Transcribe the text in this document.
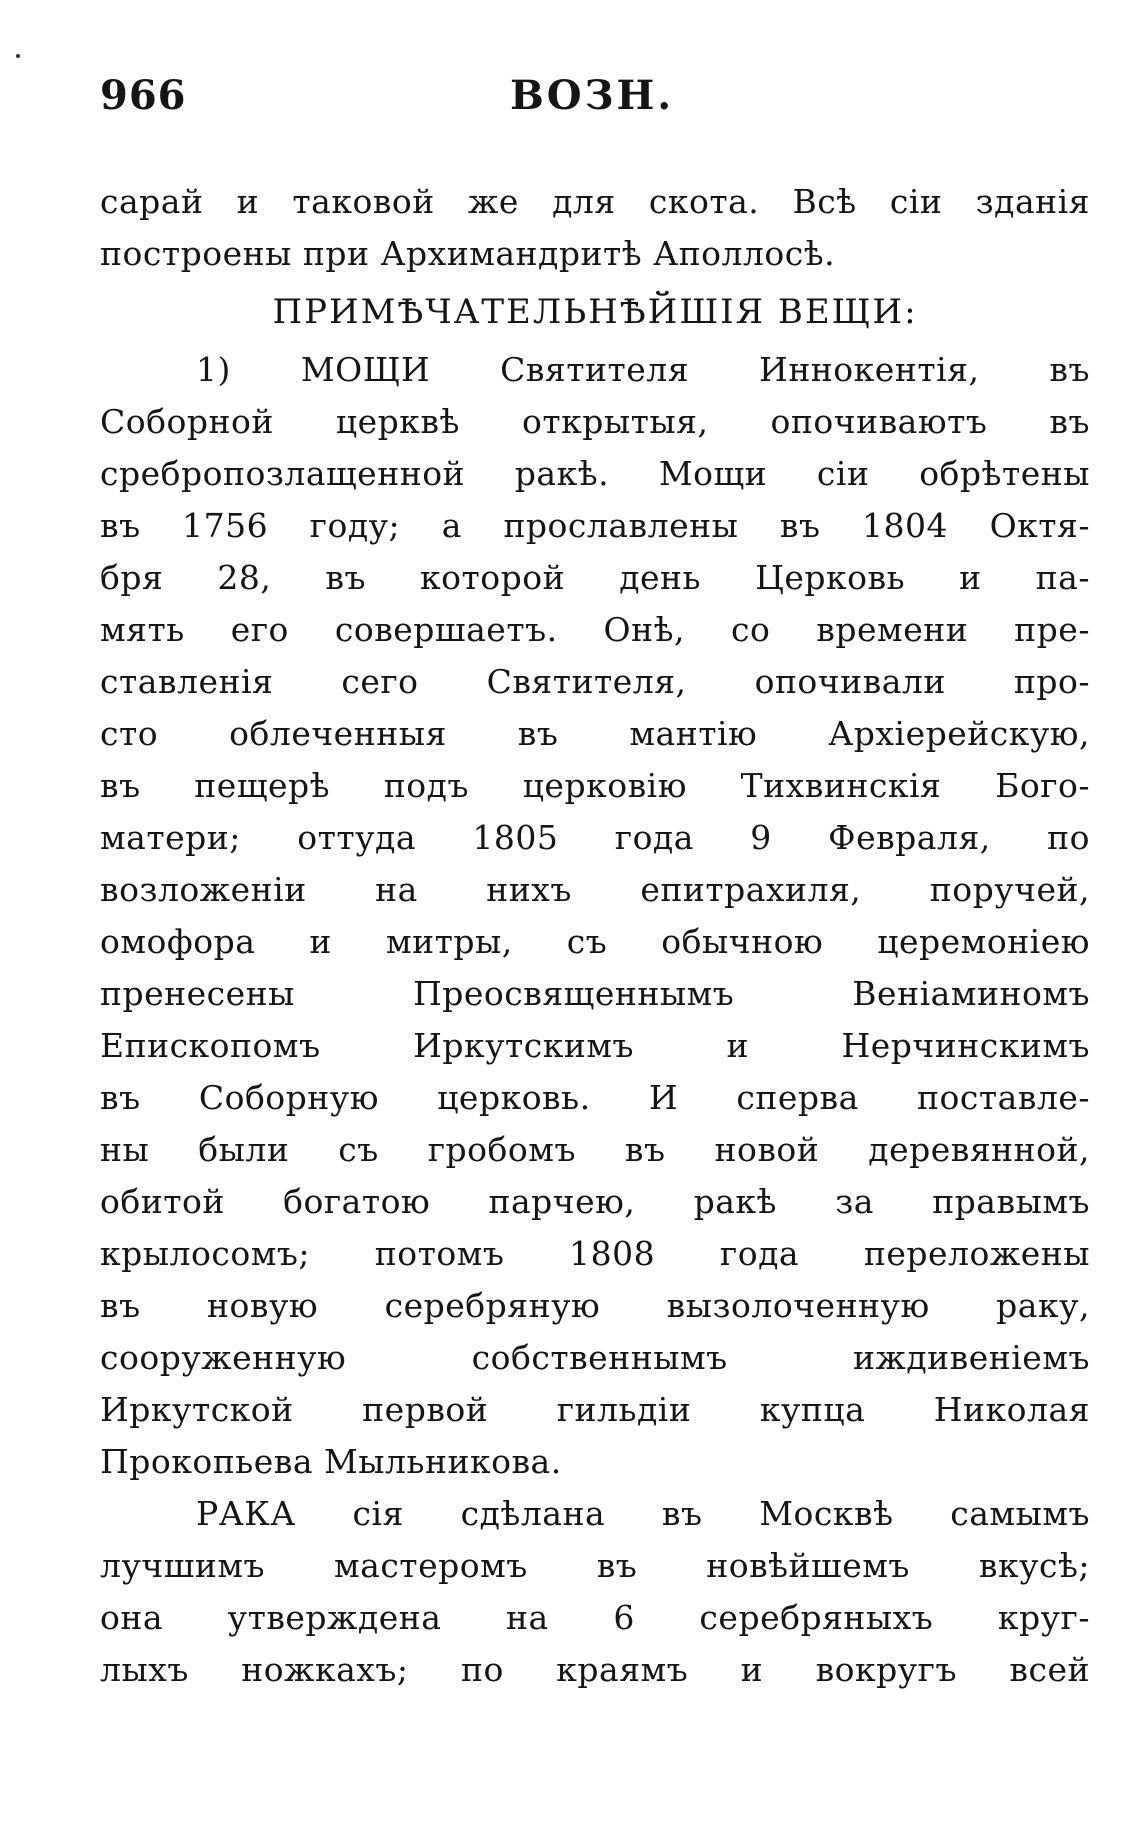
966	ВОЗН.
сарай и таковой же для скота. Всѣ сіи зданія
построены при Архимандритѣ Аполлосѣ.
ПРИМѢЧАТЕЛЬНѢЙШІЯ ВЕЩИ:
1) МОЩИ Святителя Иннокентія, въ
Соборной церквѣ открытыя, опочиваютъ въ
сребропозлащенной ракѣ. Мощи сіи обрѣтены
въ 1756 году; а прославлены въ 1804 Октя-
бря 28, въ которой день Церковь и па-
мять его совершаетъ. Онѣ, со времени пре-
ставленія сего Святителя, опочивали про-
сто облеченныя въ мантію Архіерейскую,
въ пещерѣ подъ церковію Тихвинскія Бого-
матери; оттуда 1805 года 9 Февраля, по
возложеніи на нихъ епитрахиля, поручей,
омофора и митры, съ обычною церемоніею
пренесены Преосвященнымъ Веніаминомъ
Епископомъ Иркутскимъ и Нерчинскимъ
въ Соборную церковь. И сперва поставле-
ны были съ гробомъ въ новой деревянной,
обитой богатою парчею, ракѣ за правымъ
крылосомъ; потомъ 1808 года переложены
въ новую серебряную вызолоченную раку,
сооруженную собственнымъ иждивеніемъ
Иркутской первой гильдіи купца Николая
Прокопьева Мыльникова.
РАКА сія сдѣлана въ Москвѣ самымъ
лучшимъ мастеромъ въ новѣйшемъ вкусѣ;
она утверждена на 6 серебряныхъ круг-
лыхъ ножкахъ; по краямъ и вокругъ всей
